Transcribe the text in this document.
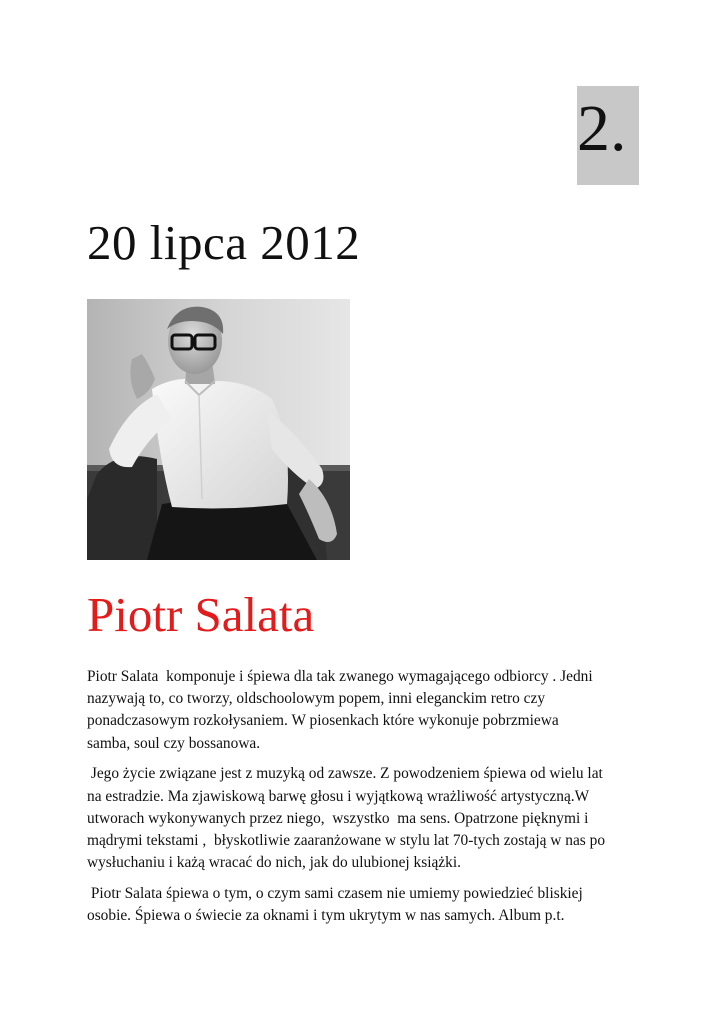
2.
20 lipca 2012
Piotr Salata

Piotr Salata  komponuje i śpiewa dla tak zwanego wymagającego odbiorcy . Jedni
nazywają to, co tworzy, oldschoolowym popem, inni eleganckim retro czy
ponadczasowym rozkołysaniem. W piosenkach które wykonuje pobrzmiewa
samba, soul czy bossanowa.

Jego życie związane jest z muzyką od zawsze. Z powodzeniem śpiewa od wielu lat
na estradzie. Ma zjawiskową barwę głosu i wyjątkową wrażliwość artystyczną.W
utworach wykonywanych przez niego,  wszystko  ma sens. Opatrzone pięknymi i
mądrymi tekstami ,  błyskotliwie zaaranżowane w stylu lat 70-tych zostają w nas po
wysłuchaniu i każą wracać do nich, jak do ulubionej książki.

Piotr Salata śpiewa o tym, o czym sami czasem nie umiemy powiedzieć bliskiej
osobie. Śpiewa o świecie za oknami i tym ukrytym w nas samych. Album p.t.
